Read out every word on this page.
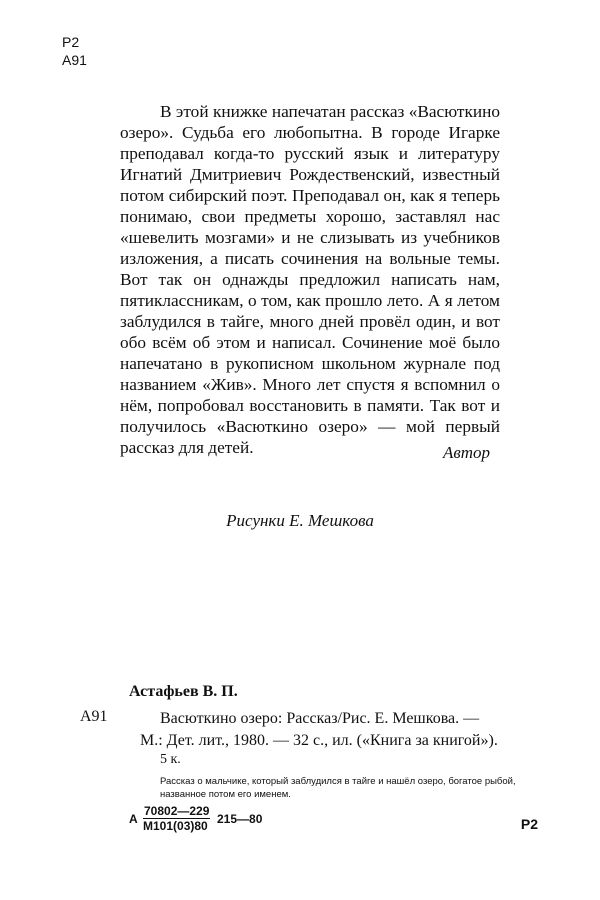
Р2
А91

В этой книжке напечатан рассказ «Васюткино озеро». Судьба его любопытна. В городе Игарке преподавал когда-то русский язык и литературу Игнатий Дмитриевич Рождественский, известный потом сибирский поэт. Преподавал он, как я теперь понимаю, свои предметы хорошо, заставлял нас «шевелить мозгами» и не слизывать из учебников изложения, а писать сочинения на вольные темы. Вот так он однажды предложил написать нам, пятиклассникам, о том, как прошло лето. А я летом заблудился в тайге, много дней провёл один, и вот обо всём об этом и написал. Сочинение моё было напечатано в рукописном школьном журнале под названием «Жив». Много лет спустя я вспомнил о нём, попробовал восстановить в памяти. Так вот и получилось «Васюткино озеро» — мой первый рассказ для детей.	Автор
Рисунки Е. Мешкова
Астафьев В. П.
А91	Васюткино озеро: Рассказ/Рис. Е. Мешкова. —
М.: Дет. лит., 1980. — 32 с., ил. («Книга за книгой»).
5 к.
Рассказ о мальчике, который заблудился в тайге и нашёл озеро, богатое рыбой, названное потом его именем.
А
70802—229
М101(03)80 215—80	Р2
